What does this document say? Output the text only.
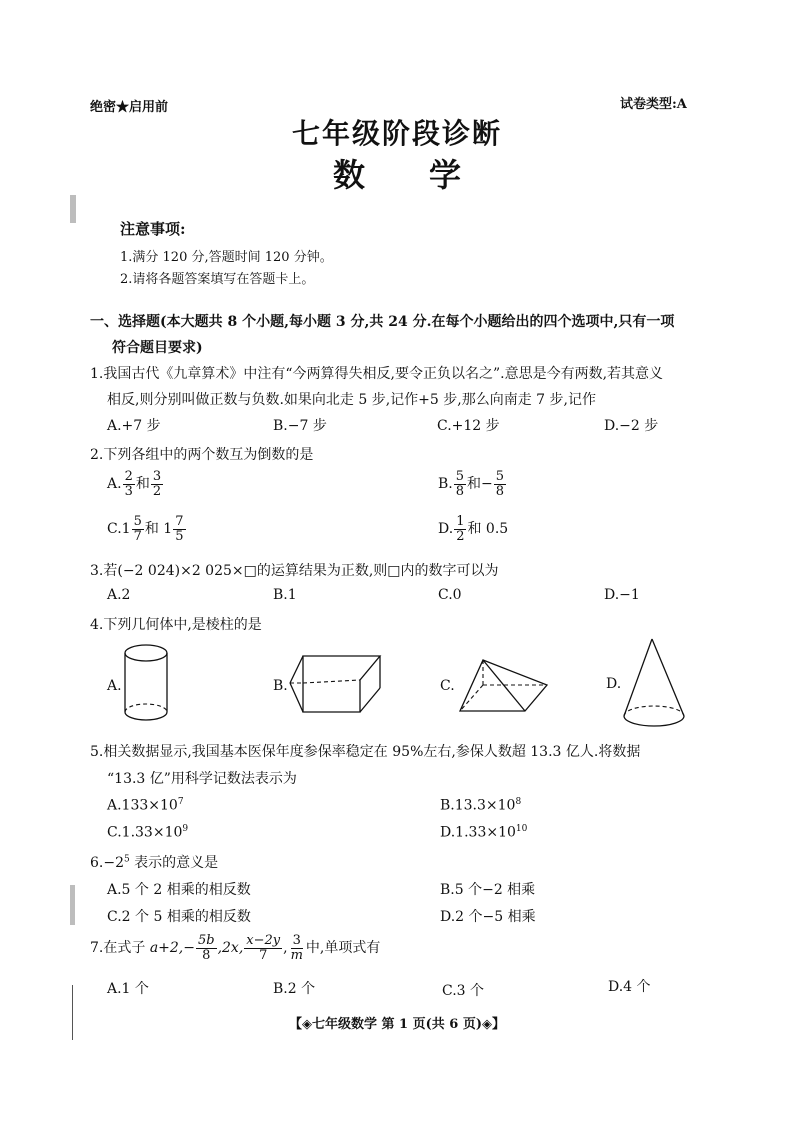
绝密★启用前	试卷类型:A
七年级阶段诊断
数 学
注意事项:
1.满分 120 分,答题时间 120 分钟。
2.请将各题答案填写在答题卡上。
一、选择题(本大题共 8 个小题,每小题 3 分,共 24 分.在每个小题给出的四个选项中,只有一项
符合题目要求)
1.我国古代《九章算术》中注有“今两算得失相反,要令正负以名之”.意思是今有两数,若其意义
相反,则分别叫做正数与负数.如果向北走 5 步,记作+5 步,那么向南走 7 步,记作
A.+7 步	B.−7 步	C.+12 步	D.−2 步
2.下列各组中的两个数互为倒数的是
A. $\frac{2}{3}$ 和 $\frac{3}{2}$	B. $\frac{5}{8}$ 和− $\frac{5}{8}$
$C.1 \frac{5}{7}$ 和 $1 \frac{7}{5}$	D. $\frac{1}{2}$ 和 0.5
3.若(−2 024)×2 025×□的运算结果为正数,则□内的数字可以为
A.2	B.1	C.0	D.−1
4.下列几何体中,是棱柱的是
A.	B.	C.	D.
5.相关数据显示,我国基本医保年度参保率稳定在 95%左右,参保人数超 13.3 亿人.将数据
“13.3 亿”用科学记数法表示为
$A.133\times 10^7$	$B.13.3\times 10^8$
$C.1.33\times 10^9$	$D.1.33\times 10^{10}$
$6.-2^5$ 表示的意义是
A.5 个 2 相乘的相反数	B.5 个−2 相乘
C.2 个 5 相乘的相反数	D.2 个−5 相乘
7.在式子 $a+2,- \frac{5b}{8} ,2x$, $\frac{x-2y}{7}$ , $\frac{3}{m}$ 中,单项式有
A.1 个	B.2 个	C.3 个	D.4 个
【◈七年级数学 第 1 页(共 6 页)◈】
